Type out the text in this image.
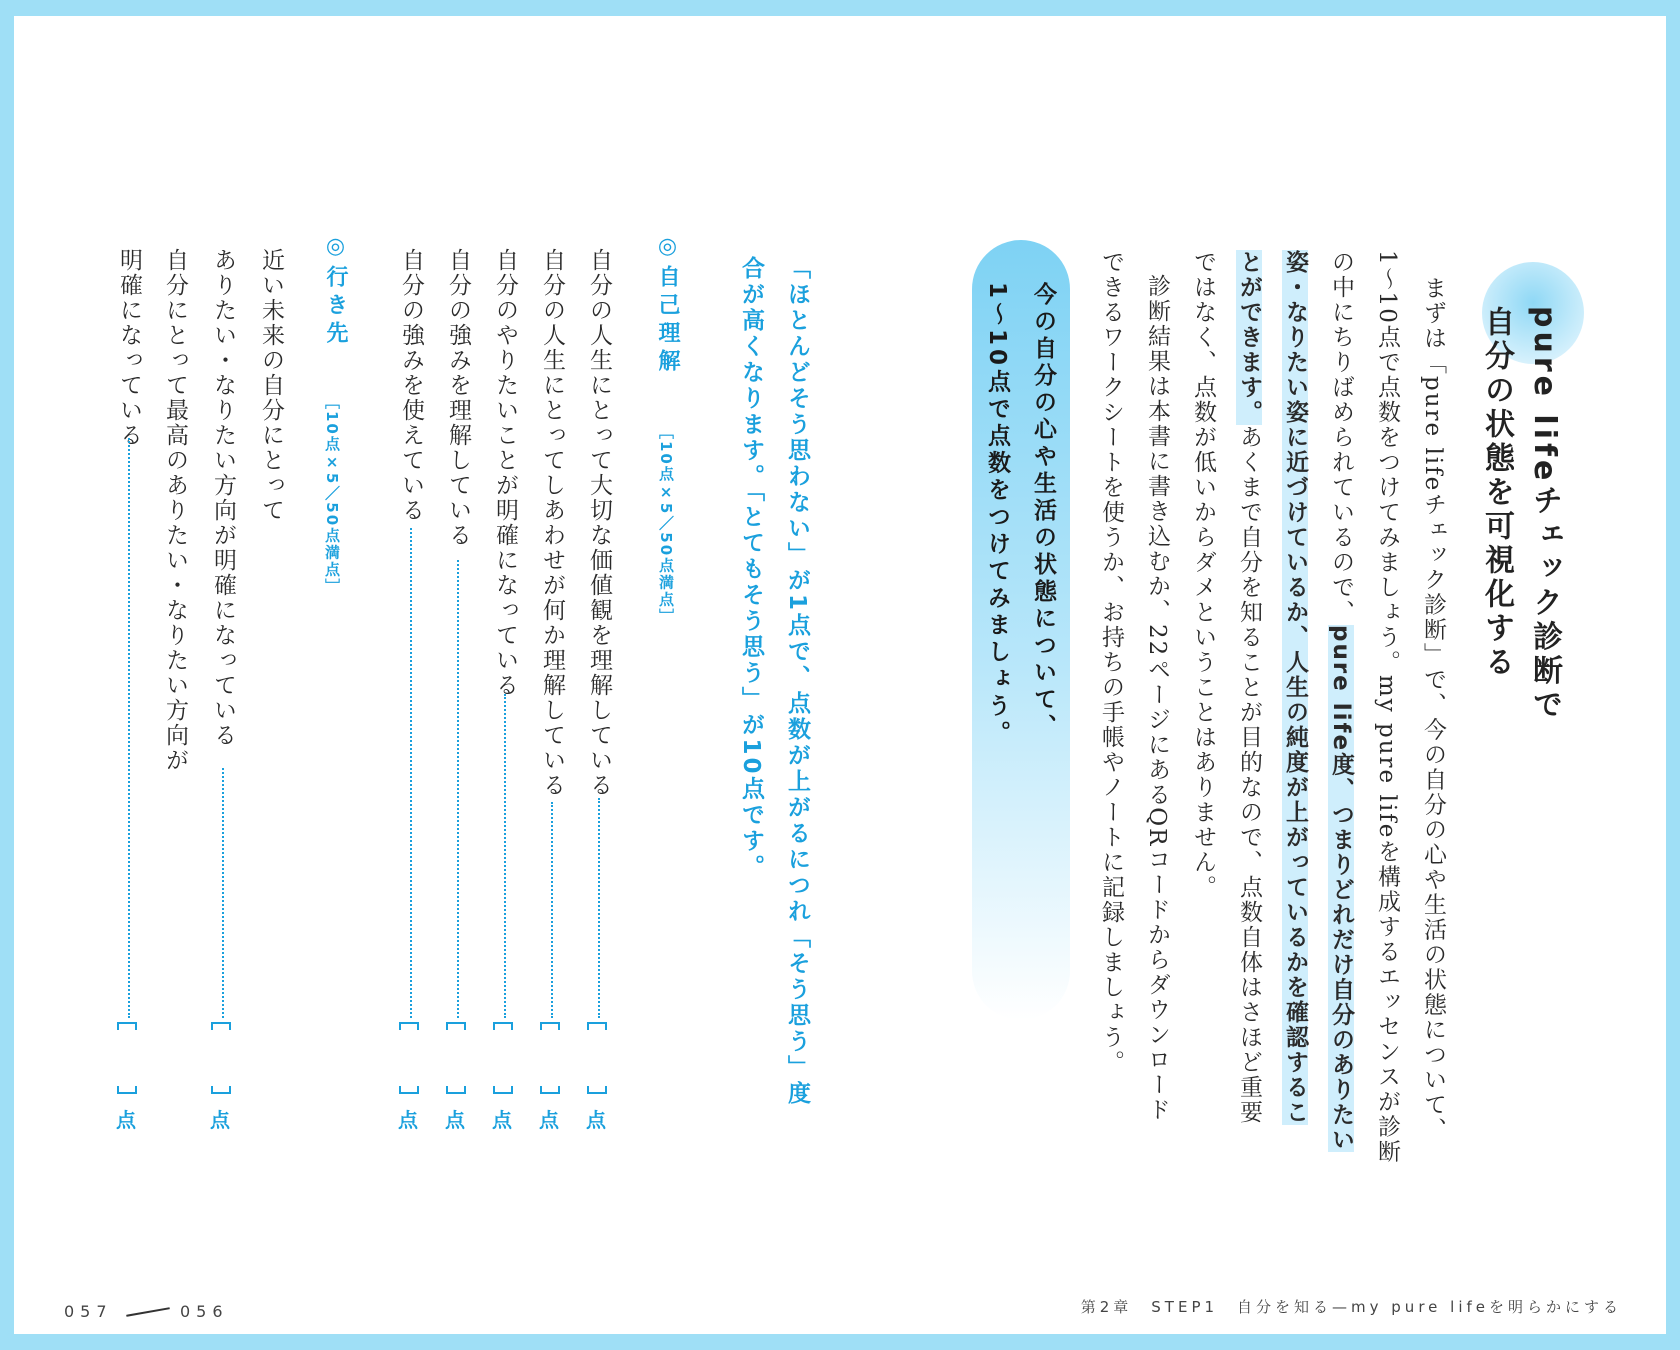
pure lifeチェック診断で
自分の状態を可視化する
まずは「pure lifeチェック診断」で、今の自分の心や生活の状態について、
1～10点で点数をつけてみましょう。my pure lifeを構成するエッセンスが診断
の中にちりばめられているので、pure life度、つまりどれだけ自分のありたい
姿・なりたい姿に近づけているか、人生の純度が上がっているかを確認するこ
とができます。あくまで自分を知ることが目的なので、点数自体はさほど重要
ではなく、点数が低いからダメということはありません。
診断結果は本書に書き込むか、22ページにあるQRコードからダウンロード
できるワークシートを使うか、お持ちの手帳やノートに記録しましょう。
今の自分の心や生活の状態について、
1～10点で点数をつけてみましょう。
「ほとんどそう思わない」が1点で、点数が上がるにつれ「そう思う」度
合が高くなります。「とてもそう思う」が10点です。
◎自己理解
［10点×5／50点満点］
自分の人生にとって大切な価値観を理解している
点
自分の人生にとってしあわせが何か理解している
点
自分のやりたいことが明確になっている
点
自分の強みを理解している
点
自分の強みを使えている
点
◎行き先
［10点×5／50点満点］
近い未来の自分にとって
ありたい・なりたい方向が明確になっている
点
自分にとって最高のありたい・なりたい方向が
明確になっている
点
057	056	第2章　STEP1　自分を知る—my pure lifeを明らかにする
